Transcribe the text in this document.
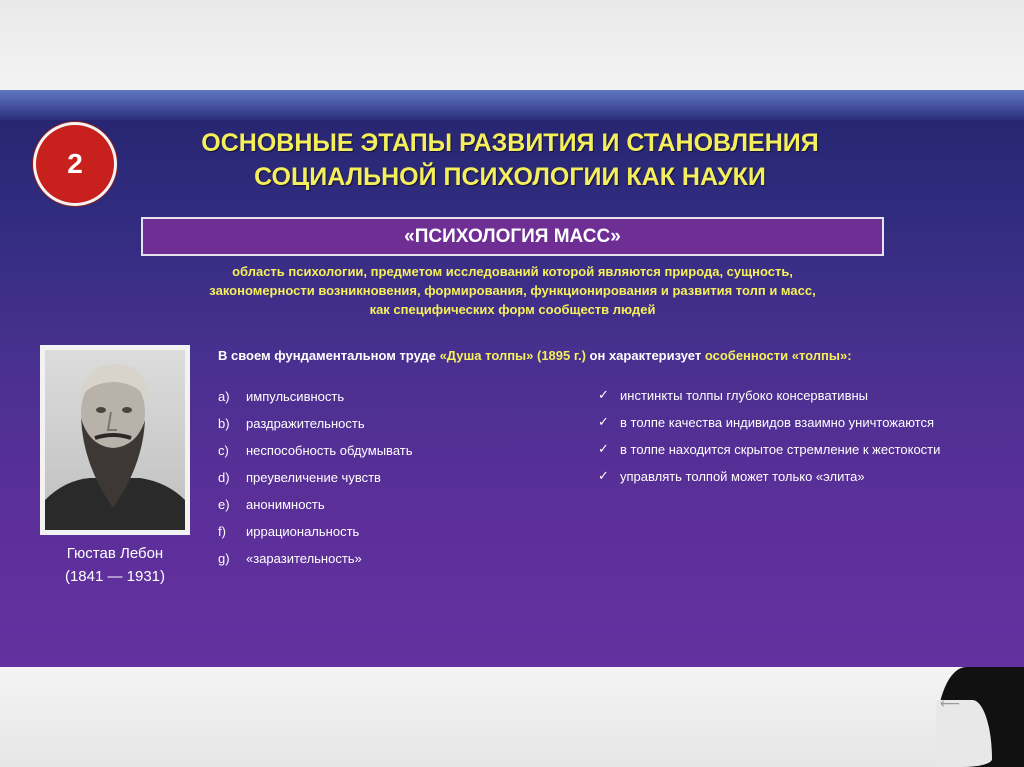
⟵
2
ОСНОВНЫЕ ЭТАПЫ РАЗВИТИЯ И СТАНОВЛЕНИЯ
СОЦИАЛЬНОЙ ПСИХОЛОГИИ КАК НАУКИ
«ПСИХОЛОГИЯ МАСС»
область психологии, предметом исследований которой являются природа, сущность,
закономерности возникновения, формирования, функционирования и развития толп и масс,
как специфических форм сообществ людей
Гюстав Лебон
(1841 — 1931)
В своем фундаментальном труде «Душа толпы» (1895 г.) он характеризует особенности «толпы»:
a)	импульсивность
b)	раздражительность
c)	неспособность обдумывать
d)	преувеличение чувств
e)	анонимность
f)	иррациональность
g)	«заразительность»
✓ инстинкты толпы глубоко консервативны
✓ в толпе качества индивидов взаимно уничтожаются
✓ в толпе находится скрытое стремление к жестокости
✓ управлять толпой может только «элита»
